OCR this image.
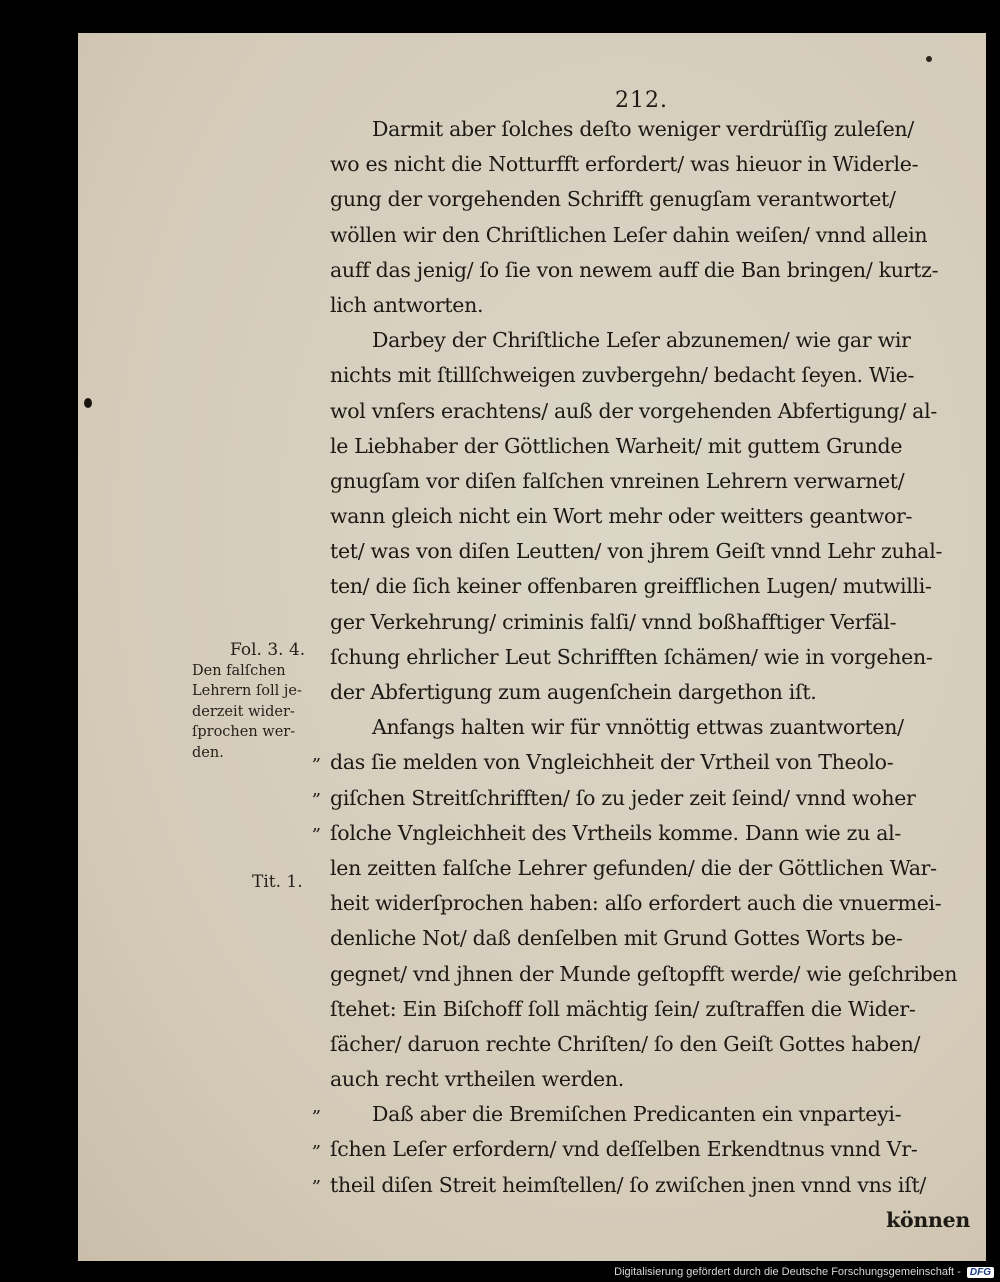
212.
Darmit aber ſolches deſto weniger verdrüſſig zuleſen/
wo es nicht die Notturfft erfordert/ was hieuor in Widerle-
gung der vorgehenden Schrifft genugſam verantwortet/
wöllen wir den Chriſtlichen Leſer dahin weiſen/ vnnd allein
auff das jenig/ ſo ſie von newem auff die Ban bringen/ kurtz-
lich antworten.
Darbey der Chriſtliche Leſer abzunemen/ wie gar wir
nichts mit ſtillſchweigen zuvbergehn/ bedacht ſeyen. Wie-
wol vnſers erachtens/ auß der vorgehenden Abfertigung/ al-
le Liebhaber der Göttlichen Warheit/ mit guttem Grunde
gnugſam vor diſen falſchen vnreinen Lehrern verwarnet/
wann gleich nicht ein Wort mehr oder weitters geantwor-
tet/ was von diſen Leutten/ von jhrem Geiſt vnnd Lehr zuhal-
ten/ die ſich keiner offenbaren greifflichen Lugen/ mutwilli-
ger Verkehrung/ criminis falſi/ vnnd boßhafftiger Verfäl-
ſchung ehrlicher Leut Schrifften ſchämen/ wie in vorgehen-
der Abfertigung zum augenſchein dargethon iſt.
Anfangs halten wir für vnnöttig ettwas zuantworten/
das ſie melden von Vngleichheit der Vrtheil von Theolo-
giſchen Streitſchrifften/ ſo zu jeder zeit ſeind/ vnnd woher
ſolche Vngleichheit des Vrtheils komme. Dann wie zu al-
len zeitten falſche Lehrer gefunden/ die der Göttlichen War-
heit widerſprochen haben: alſo erfordert auch die vnuermei-
denliche Not/ daß denſelben mit Grund Gottes Worts be-
gegnet/ vnd jhnen der Munde geſtopfft werde/ wie geſchriben
ſtehet: Ein Biſchoff ſoll mächtig ſein/ zuſtraffen die Wider-
ſächer/ daruon rechte Chriſten/ ſo den Geiſt Gottes haben/
auch recht vrtheilen werden.
Daß aber die Bremiſchen Predicanten ein vnparteyi-
ſchen Leſer erfordern/ vnd deſſelben Erkendtnus vnnd Vr-
theil diſen Streit heimſtellen/ ſo zwiſchen jnen vnnd vns iſt/
können
Fol. 3. 4.
Den falſchen
Lehrern ſoll je-
derzeit wider-
ſprochen wer-
den.
Tit. 1.
Digitalisierung gefördert durch die Deutsche Forschungsgemeinschaft - DFG
„
„
„
„
„
„
